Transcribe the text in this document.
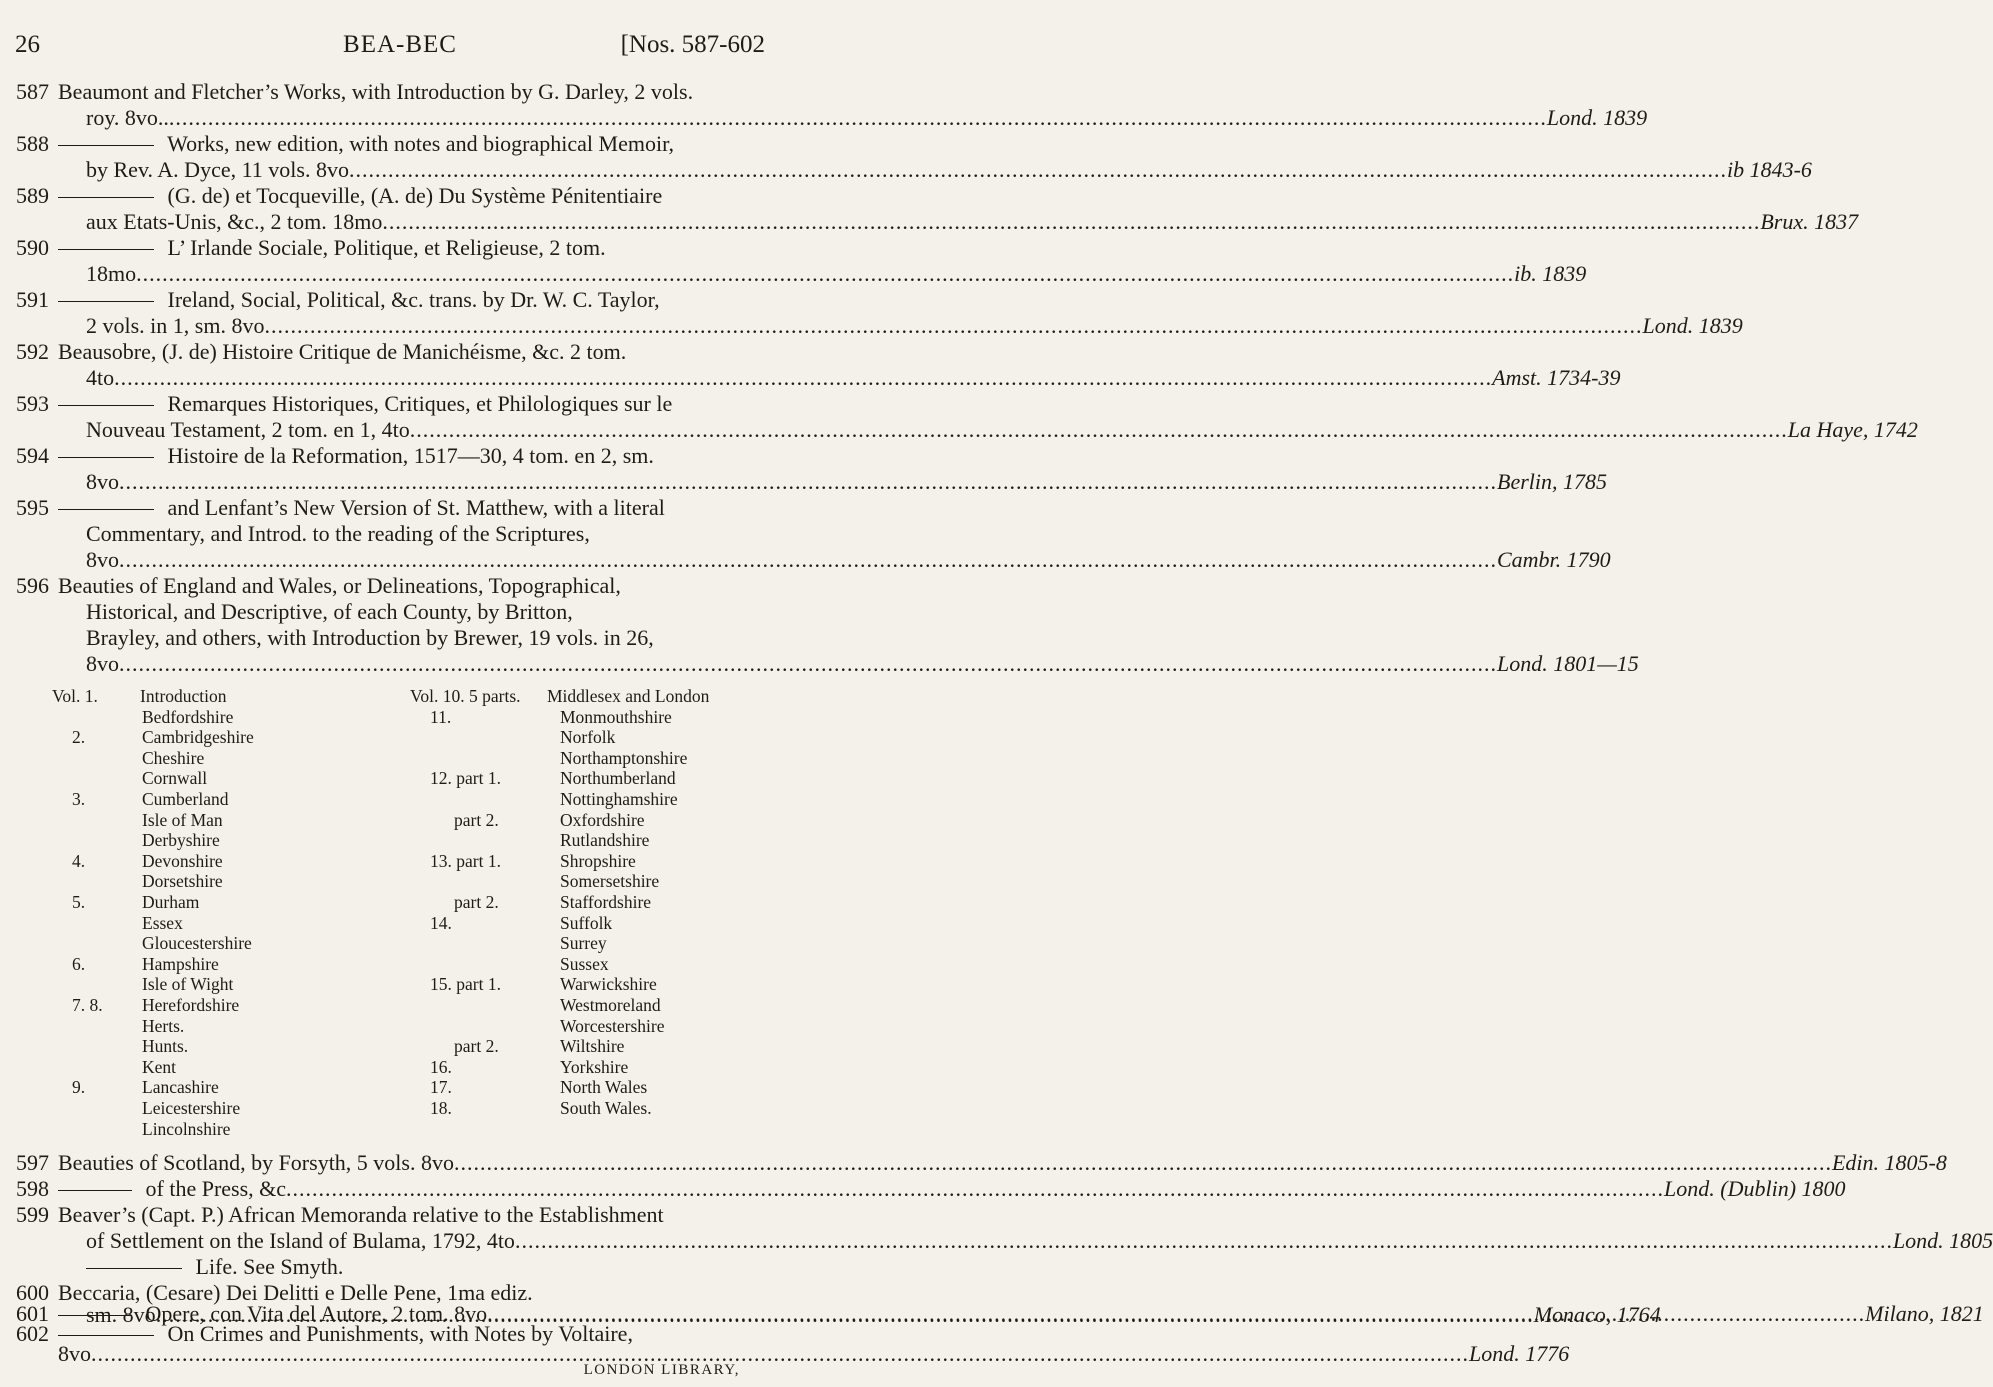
26	BEA-BEC	[Nos. 587-602
587 Beaumont and Fletcher’s Works, with Introduction by G. Darley, 2 vols.
roy. 8vo.. .....	Lond. 1839
588	Works, new edition, with notes and biographical Memoir,
by Rev. A. Dyce, 11 vols. 8vo .....	ib 1843-6
589	(G. de) et Tocqueville, (A. de) Du Système Pénitentiaire
aux Etats-Unis, &c., 2 tom. 18mo .....	Brux. 1837
590	L’ Irlande Sociale, Politique, et Religieuse, 2 tom.
18mo .....	ib. 1839
591	Ireland, Social, Political, &c. trans. by Dr. W. C. Taylor,
2 vols. in 1, sm. 8vo .....	Lond. 1839
592 Beausobre, (J. de) Histoire Critique de Manichéisme, &c. 2 tom.
4to .....	Amst. 1734-39
593	Remarques Historiques, Critiques, et Philologiques sur le
Nouveau Testament, 2 tom. en 1, 4to .....	La Haye, 1742
594	Histoire de la Reformation, 1517—30, 4 tom. en 2, sm.
8vo .....	Berlin, 1785
595	and Lenfant’s New Version of St. Matthew, with a literal
Commentary, and Introd. to the reading of the Scriptures,
8vo .....	Cambr. 1790
596 Beauties of England and Wales, or Delineations, Topographical,
Historical, and Descriptive, of each County, by Britton,
Brayley, and others, with Introduction by Brewer, 19 vols. in 26,
8vo .....	Lond. 1801—15
Vol. 1. Introduction
Bedfordshire
2.	Cambridgeshire
Cheshire
Cornwall
3.	Cumberland
Isle of Man
Derbyshire
4.	Devonshire
Dorsetshire
5.	Durham
Essex
Gloucestershire
6.	Hampshire
Isle of Wight
7. 8. Herefordshire
Herts.
Hunts.
Kent
9.	Lancashire
Leicestershire
Lincolnshire
Vol. 10. 5 parts. Middlesex and London
11.	Monmouthshire
Norfolk
Northamptonshire
12. part 1.	Northumberland
Nottinghamshire
part 2.	Oxfordshire
Rutlandshire
13. part 1.	Shropshire
Somersetshire
part 2.	Staffordshire
14.	Suffolk
Surrey
Sussex
15. part 1.	Warwickshire
Westmoreland
Worcestershire
part 2.	Wiltshire
16.	Yorkshire
17.	North Wales
18.	South Wales.
597 Beauties of Scotland, by Forsyth, 5 vols. 8vo .....	Edin. 1805-8
598	of the Press, &c .....	Lond. (Dublin) 1800
599 Beaver’s (Capt. P.) African Memoranda relative to the Establishment
of Settlement on the Island of Bulama, 1792, 4to .....	Lond. 1805
Life. See Smyth.
600 Beccaria, (Cesare) Dei Delitti e Delle Pene, 1ma ediz.
sm. 8vo .....	Monaco, 1764
601	Opere, con Vita del Autore, 2 tom. 8vo .....	Milano, 1821
602	On Crimes and Punishments, with Notes by Voltaire,
8vo .....	Lond. 1776
LONDON LIBRARY,
